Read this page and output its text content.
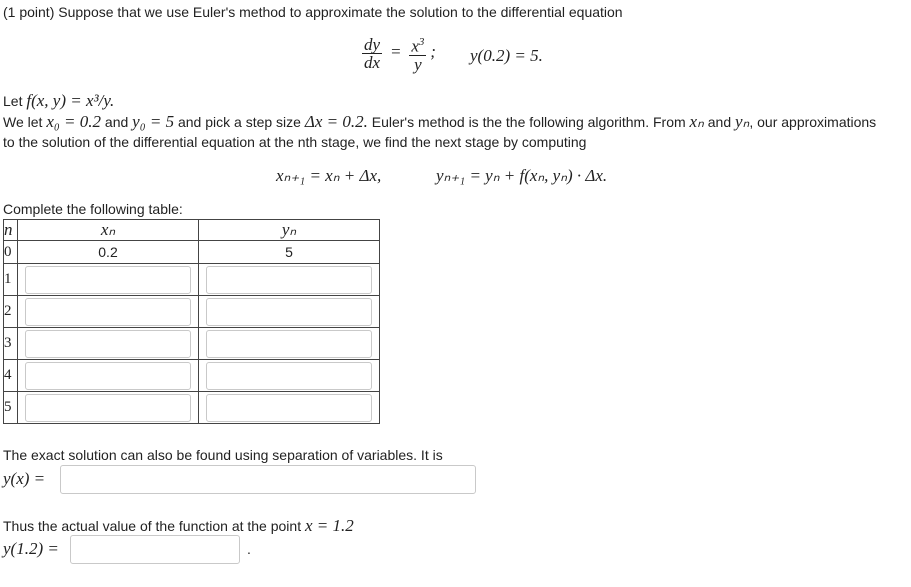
(1 point) Suppose that we use Euler's method to approximate the solution to the differential equation
$\frac{dy}{dx} = \frac{x^3}{y}$ ; y(0.2) = 5.
Let f(x, y) = x³/y.
We let x₀ = 0.2 and y₀ = 5 and pick a step size Δx = 0.2. Euler's method is the the following algorithm. From xₙ and yₙ, our approximations
to the solution of the differential equation at the nth stage, we find the next stage by computing
xₙ₊₁ = xₙ + Δx,	yₙ₊₁ = yₙ + f(xₙ, yₙ) · Δx.
Complete the following table:
n	xₙ	yₙ
0	0.2	5
1	

2	

3	

4	

5	

The exact solution can also be found using separation of variables. It is
y(x) =
Thus the actual value of the function at the point x = 1.2
y(1.2) =	.
